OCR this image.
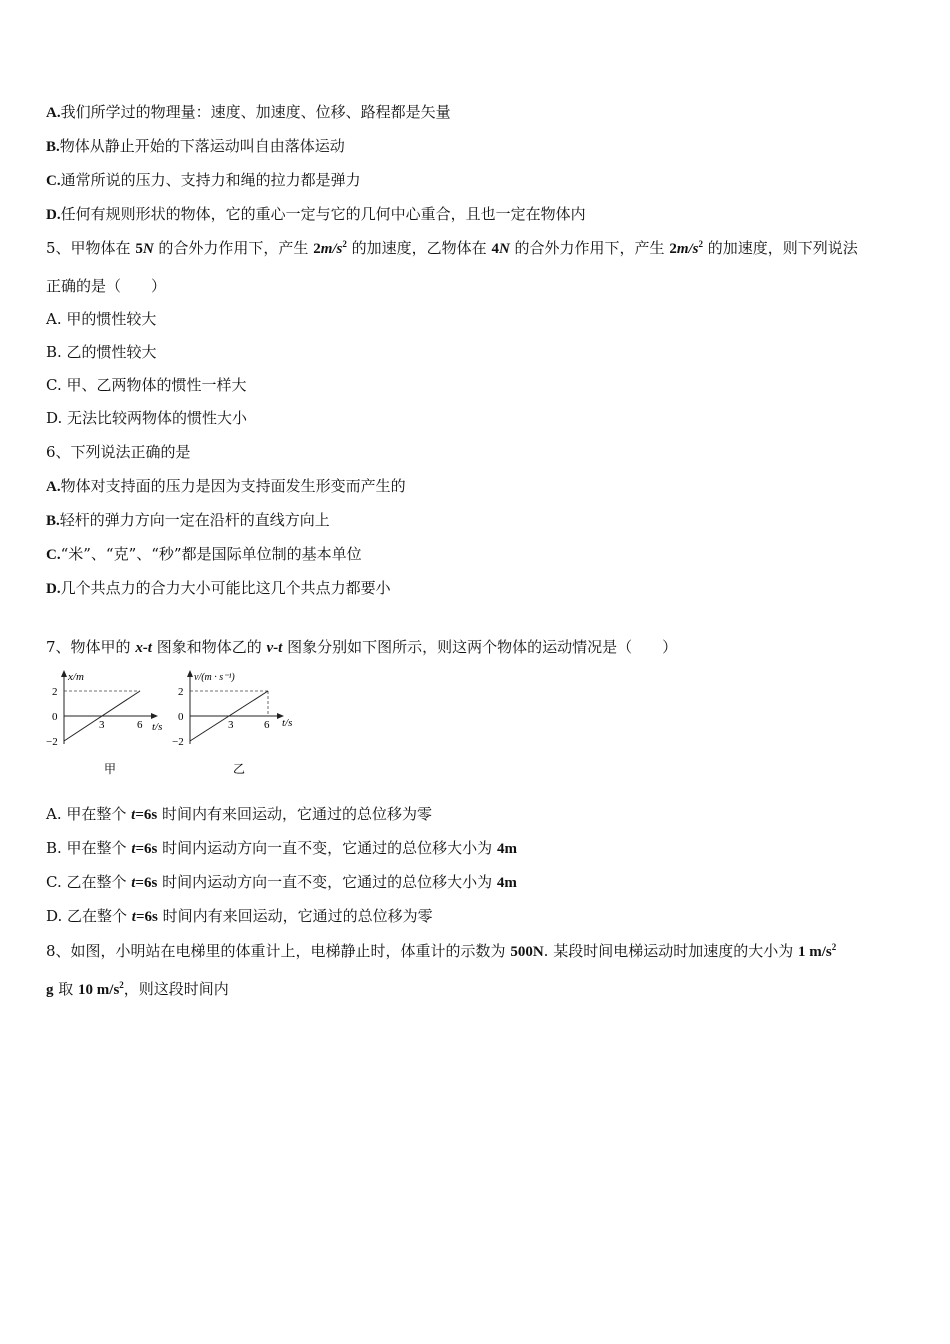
A.我们所学过的物理量：速度、加速度、位移、路程都是矢量
B.物体从静止开始的下落运动叫自由落体运动
C.通常所说的压力、支持力和绳的拉力都是弹力
D.任何有规则形状的物体，它的重心一定与它的几何中心重合，且也一定在物体内
5、甲物体在 5N 的合外力作用下，产生 $2m/s^2$ 的加速度，乙物体在 4N 的合外力作用下，产生 $2m/s^2$ 的加速度，则下列说法
正确的是（　　）
A. 甲的惯性较大
B. 乙的惯性较大
C. 甲、乙两物体的惯性一样大
D. 无法比较两物体的惯性大小
6、下列说法正确的是
A.物体对支持面的压力是因为支持面发生形变而产生的
B.轻杆的弹力方向一定在沿杆的直线方向上
C.“米”、“克”、“秒”都是国际单位制的基本单位
D.几个共点力的合力大小可能比这几个共点力都要小
7、物体甲的 x-t 图象和物体乙的 v-t 图象分别如下图所示，则这两个物体的运动情况是（　　）
x/m
2
0
−2
3	6 t/s
甲
v/(m · s⁻¹)
2
0
−2
3	6 t/s
乙
A. 甲在整个 t=6s 时间内有来回运动，它通过的总位移为零
B. 甲在整个 t=6s 时间内运动方向一直不变，它通过的总位移大小为 4m
C. 乙在整个 t=6s 时间内运动方向一直不变，它通过的总位移大小为 4m
D. 乙在整个 t=6s 时间内有来回运动，它通过的总位移为零
8、如图，小明站在电梯里的体重计上，电梯静止时，体重计的示数为 500N. 某段时间电梯运动时加速度的大小为 1 $m/s^2$
g 取 10 $m/s^2$，则这段时间内
